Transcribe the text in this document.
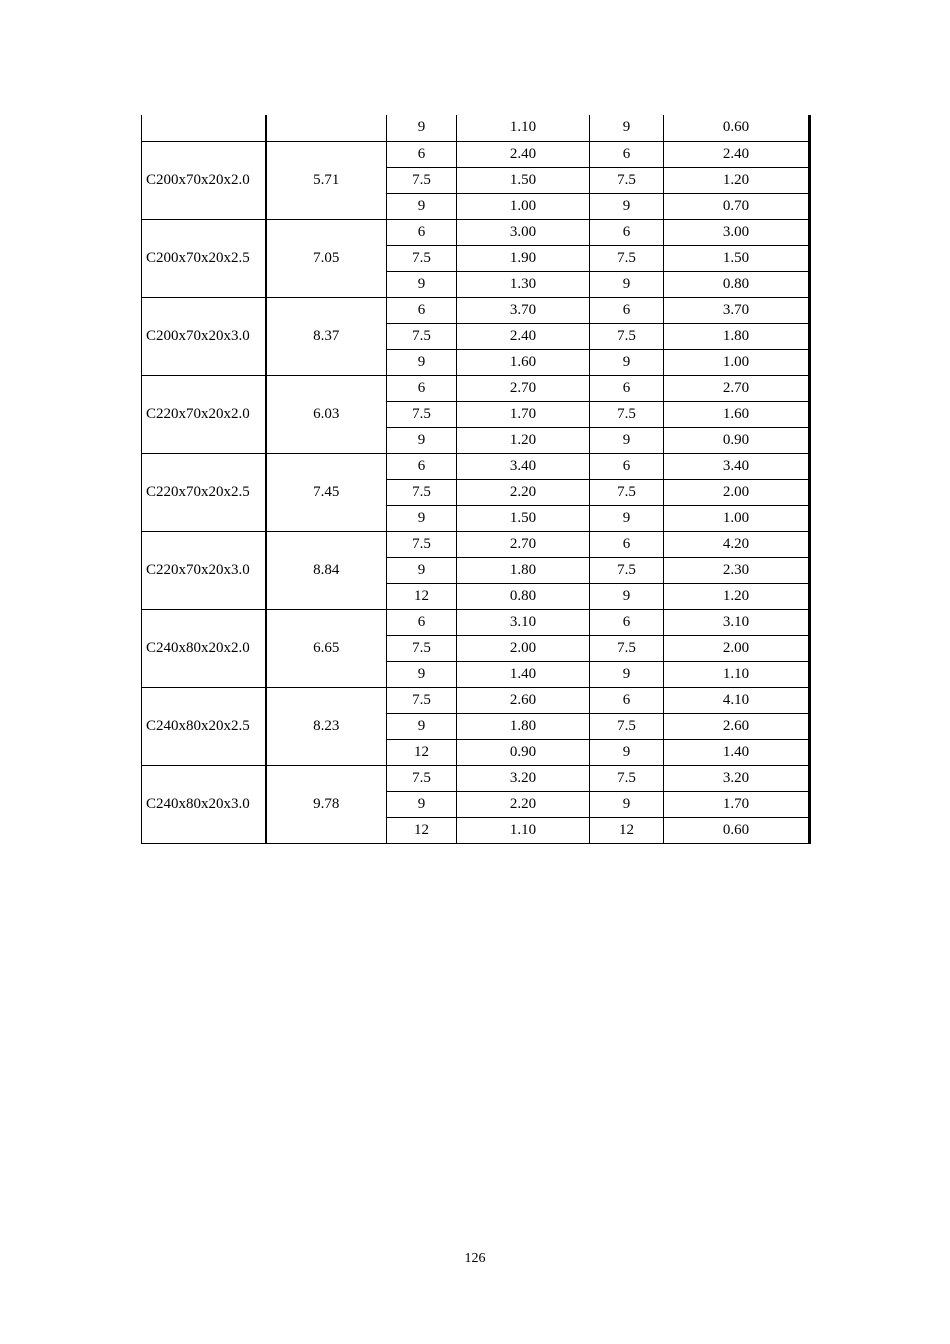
		9	1.10	9	0.60
C200x70x20x2.0	5.71	6	2.40	6	2.40
		7.5	1.50	7.5	1.20
		9	1.00	9	0.70
C200x70x20x2.5	7.05	6	3.00	6	3.00
		7.5	1.90	7.5	1.50
		9	1.30	9	0.80
C200x70x20x3.0	8.37	6	3.70	6	3.70
		7.5	2.40	7.5	1.80
		9	1.60	9	1.00
C220x70x20x2.0	6.03	6	2.70	6	2.70
		7.5	1.70	7.5	1.60
		9	1.20	9	0.90
C220x70x20x2.5	7.45	6	3.40	6	3.40
		7.5	2.20	7.5	2.00
		9	1.50	9	1.00
C220x70x20x3.0	8.84	7.5	2.70	6	4.20
		9	1.80	7.5	2.30
		12	0.80	9	1.20
C240x80x20x2.0	6.65	6	3.10	6	3.10
		7.5	2.00	7.5	2.00
		9	1.40	9	1.10
C240x80x20x2.5	8.23	7.5	2.60	6	4.10
		9	1.80	7.5	2.60
		12	0.90	9	1.40
C240x80x20x3.0	9.78	7.5	3.20	7.5	3.20
		9	2.20	9	1.70
		12	1.10	12	0.60
126
